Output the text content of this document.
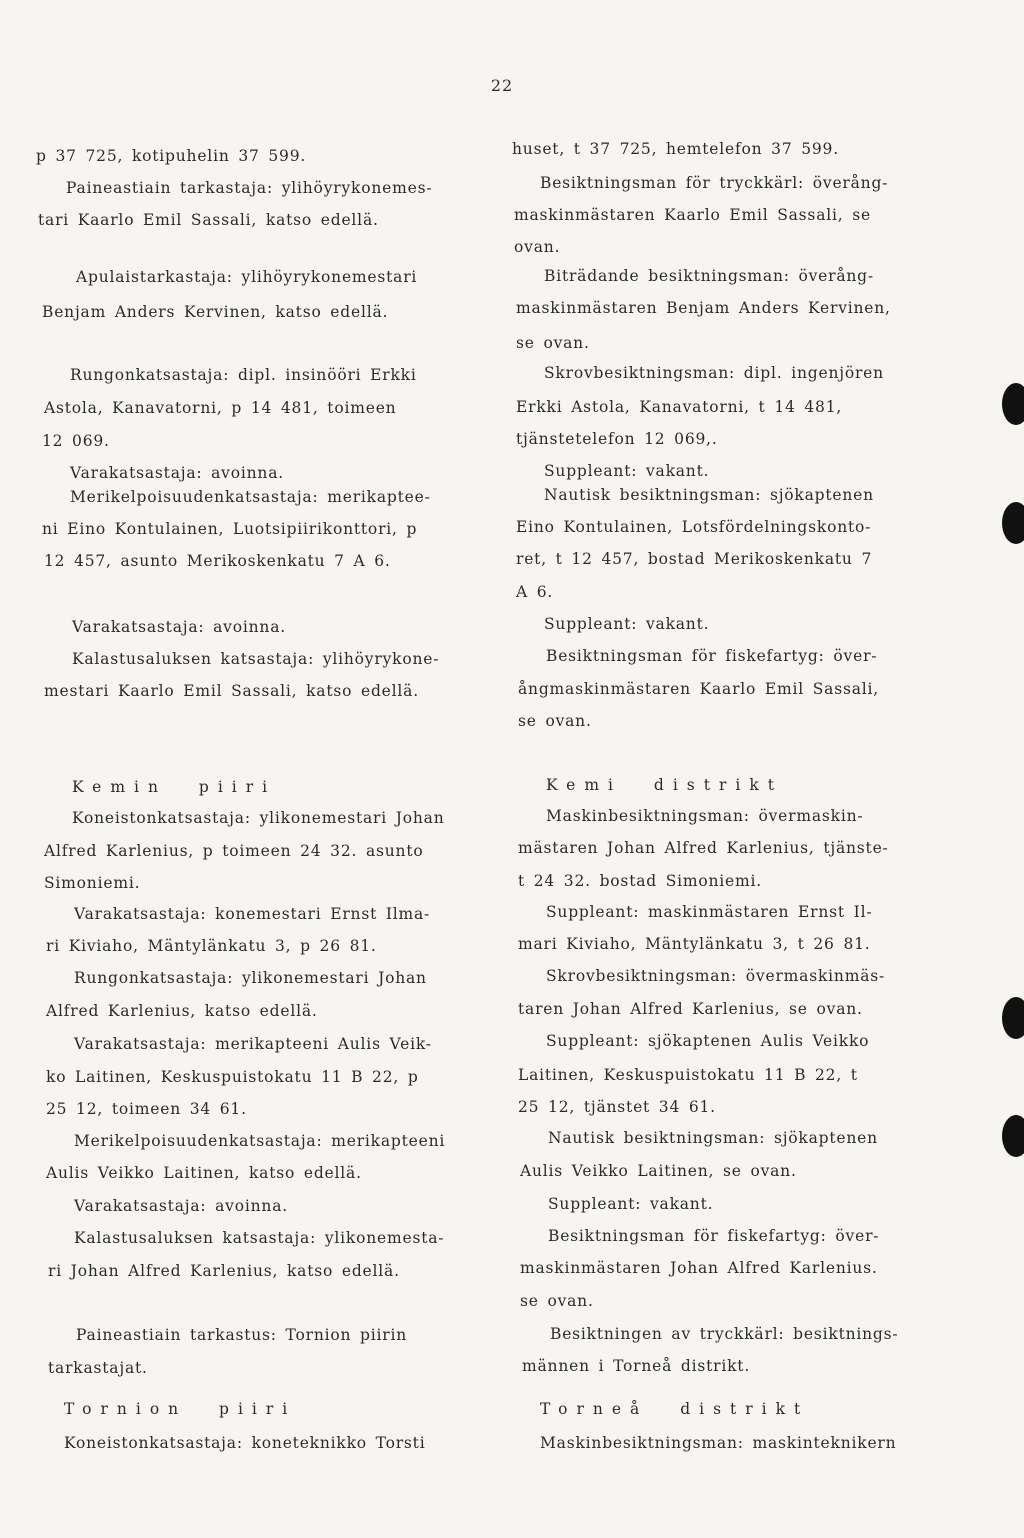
22
p 37 725, kotipuhelin 37 599.
Paineastiain tarkastaja: ylihöyrykonemes-
tari Kaarlo Emil Sassali, katso edellä.
Apulaistarkastaja: ylihöyrykonemestari
Benjam Anders Kervinen, katso edellä.
Rungonkatsastaja: dipl. insinööri Erkki
Astola, Kanavatorni, p 14 481, toimeen
12 069.
Varakatsastaja: avoinna.
Merikelpoisuudenkatsastaja: merikaptee-
ni Eino Kontulainen, Luotsipiirikonttori, p
12 457, asunto Merikoskenkatu 7 A 6.
Varakatsastaja: avoinna.
Kalastusaluksen katsastaja: ylihöyrykone-
mestari Kaarlo Emil Sassali, katso edellä.
Kemin piiri
Koneistonkatsastaja: ylikonemestari Johan
Alfred Karlenius, p toimeen 24 32. asunto
Simoniemi.
Varakatsastaja: konemestari Ernst Ilma-
ri Kiviaho, Mäntylänkatu 3, p 26 81.
Rungonkatsastaja: ylikonemestari Johan
Alfred Karlenius, katso edellä.
Varakatsastaja: merikapteeni Aulis Veik-
ko Laitinen, Keskuspuistokatu 11 B 22, p
25 12, toimeen 34 61.
Merikelpoisuudenkatsastaja: merikapteeni
Aulis Veikko Laitinen, katso edellä.
Varakatsastaja: avoinna.
Kalastusaluksen katsastaja: ylikonemesta-
ri Johan Alfred Karlenius, katso edellä.
Paineastiain tarkastus: Tornion piirin
tarkastajat.
Tornion piiri
Koneistonkatsastaja: koneteknikko Torsti
huset, t 37 725, hemtelefon 37 599.
Besiktningsman för tryckkärl: överång-
maskinmästaren Kaarlo Emil Sassali, se
ovan.
Biträdande besiktningsman: överång-
maskinmästaren Benjam Anders Kervinen,
se ovan.
Skrovbesiktningsman: dipl. ingenjören
Erkki Astola, Kanavatorni, t 14 481,
tjänstetelefon 12 069,.
Suppleant: vakant.
Nautisk besiktningsman: sjökaptenen
Eino Kontulainen, Lotsfördelningskonto-
ret, t 12 457, bostad Merikoskenkatu 7
A 6.
Suppleant: vakant.
Besiktningsman för fiskefartyg: över-
ångmaskinmästaren Kaarlo Emil Sassali,
se ovan.
Kemi distrikt
Maskinbesiktningsman: övermaskin-
mästaren Johan Alfred Karlenius, tjänste-
t 24 32. bostad Simoniemi.
Suppleant: maskinmästaren Ernst Il-
mari Kiviaho, Mäntylänkatu 3, t 26 81.
Skrovbesiktningsman: övermaskinmäs-
taren Johan Alfred Karlenius, se ovan.
Suppleant: sjökaptenen Aulis Veikko
Laitinen, Keskuspuistokatu 11 B 22, t
25 12, tjänstet 34 61.
Nautisk besiktningsman: sjökaptenen
Aulis Veikko Laitinen, se ovan.
Suppleant: vakant.
Besiktningsman för fiskefartyg: över-
maskinmästaren Johan Alfred Karlenius.
se ovan.
Besiktningen av tryckkärl: besiktnings-
männen i Torneå distrikt.
Torneå distrikt
Maskinbesiktningsman: maskinteknikern
